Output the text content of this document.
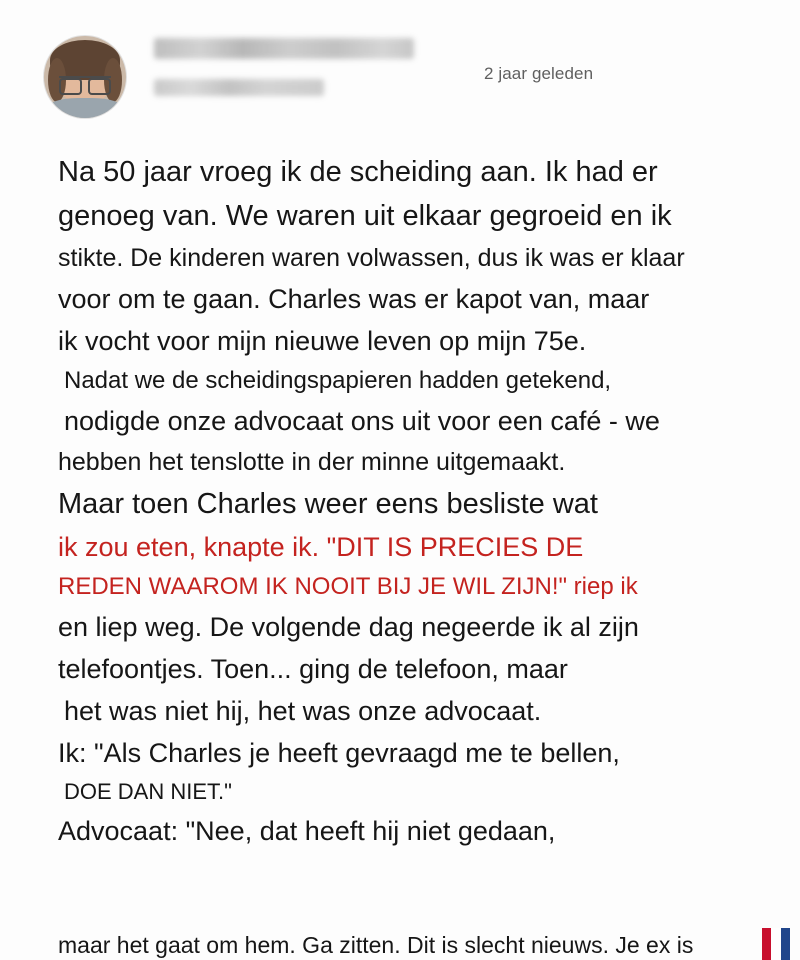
2 jaar geleden
Na 50 jaar vroeg ik de scheiding aan. Ik had er
genoeg van. We waren uit elkaar gegroeid en ik
stikte. De kinderen waren volwassen, dus ik was er klaar
voor om te gaan. Charles was er kapot van, maar
ik vocht voor mijn nieuwe leven op mijn 75e.
Nadat we de scheidingspapieren hadden getekend,
nodigde onze advocaat ons uit voor een café - we
hebben het tenslotte in der minne uitgemaakt.
Maar toen Charles weer eens besliste wat
ik zou eten, knapte ik. "DIT IS PRECIES DE
REDEN WAAROM IK NOOIT BIJ JE WIL ZIJN!" riep ik
en liep weg. De volgende dag negeerde ik al zijn
telefoontjes. Toen... ging de telefoon, maar
het was niet hij, het was onze advocaat.
Ik: "Als Charles je heeft gevraagd me te bellen,
DOE DAN NIET."
Advocaat: "Nee, dat heeft hij niet gedaan,
maar het gaat om hem. Ga zitten. Dit is slecht nieuws. Je ex is
